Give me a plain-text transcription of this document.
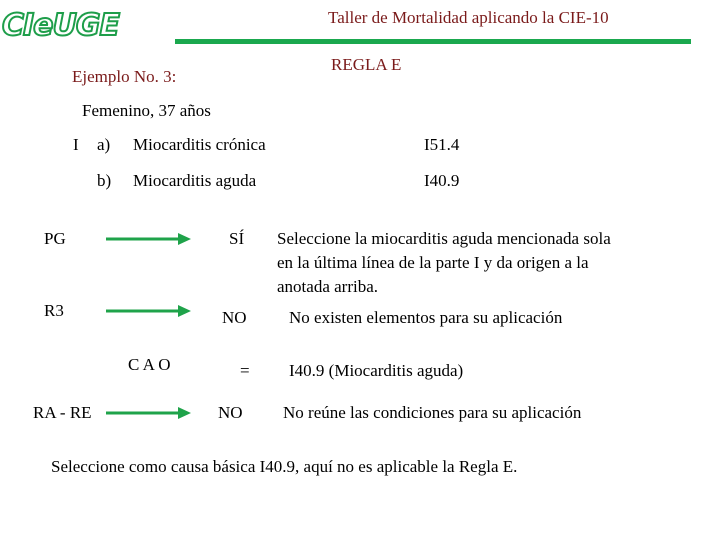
CIeUGE	Taller de Mortalidad aplicando la CIE-10
REGLA E
Ejemplo No. 3:
Femenino, 37 años
I a) Miocarditis crónica	I51.4
b) Miocarditis aguda	I40.9
PG	SÍ Seleccione la miocarditis aguda mencionada sola
en la última línea de la parte I y da origen a la
anotada arriba.
R3	NO No existen elementos para su aplicación
C A O	= I40.9 (Miocarditis aguda)
RA - RE	NO No reúne las condiciones para su aplicación
Seleccione como causa básica I40.9, aquí no es aplicable la Regla E.
